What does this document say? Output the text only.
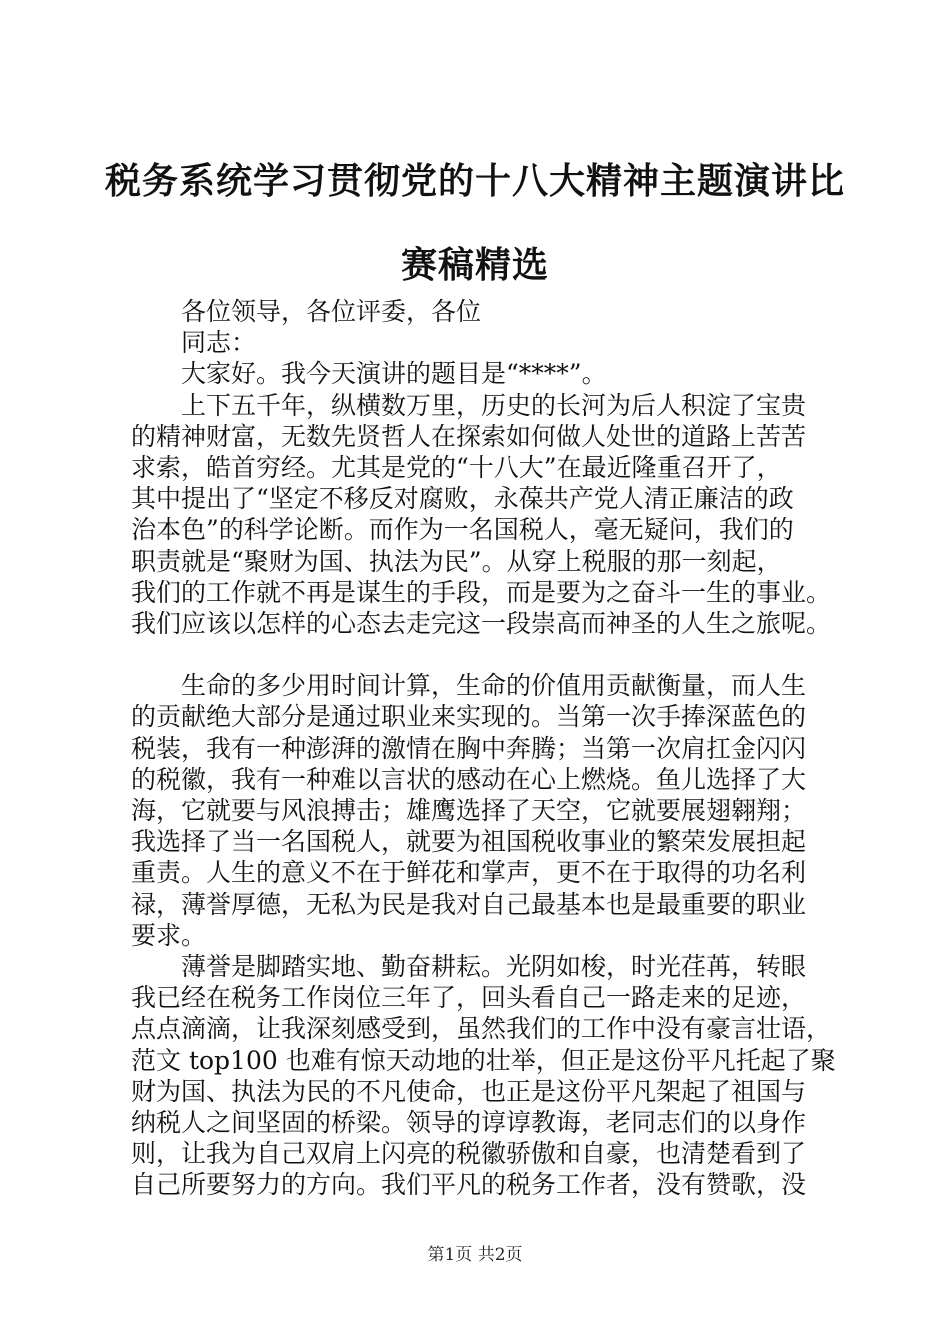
税务系统学习贯彻党的十八大精神主题演讲比
赛稿精选
各位领导，各位评委，各位
同志：
大家好。我今天演讲的题目是“****”。
上下五千年，纵横数万里，历史的长河为后人积淀了宝贵
的精神财富，无数先贤哲人在探索如何做人处世的道路上苦苦
求索，皓首穷经。尤其是党的“十八大”在最近隆重召开了，
其中提出了“坚定不移反对腐败，永葆共产党人清正廉洁的政
治本色”的科学论断。而作为一名国税人，毫无疑问，我们的
职责就是“聚财为国、执法为民”。从穿上税服的那一刻起，
我们的工作就不再是谋生的手段，而是要为之奋斗一生的事业。
我们应该以怎样的心态去走完这一段崇高而神圣的人生之旅呢。
生命的多少用时间计算，生命的价值用贡献衡量，而人生
的贡献绝大部分是通过职业来实现的。当第一次手捧深蓝色的
税装，我有一种澎湃的激情在胸中奔腾；当第一次肩扛金闪闪
的税徽，我有一种难以言状的感动在心上燃烧。鱼儿选择了大
海，它就要与风浪搏击；雄鹰选择了天空，它就要展翅翱翔；
我选择了当一名国税人，就要为祖国税收事业的繁荣发展担起
重责。人生的意义不在于鲜花和掌声，更不在于取得的功名利
禄，薄誉厚德，无私为民是我对自己最基本也是最重要的职业
要求。
薄誉是脚踏实地、勤奋耕耘。光阴如梭，时光荏苒，转眼
我已经在税务工作岗位三年了，回头看自己一路走来的足迹，
点点滴滴，让我深刻感受到，虽然我们的工作中没有豪言壮语，
范文 top100 也难有惊天动地的壮举，但正是这份平凡托起了聚
财为国、执法为民的不凡使命，也正是这份平凡架起了祖国与
纳税人之间坚固的桥梁。领导的谆谆教诲，老同志们的以身作
则，让我为自己双肩上闪亮的税徽骄傲和自豪，也清楚看到了
自己所要努力的方向。我们平凡的税务工作者，没有赞歌，没
第1页 共2页
